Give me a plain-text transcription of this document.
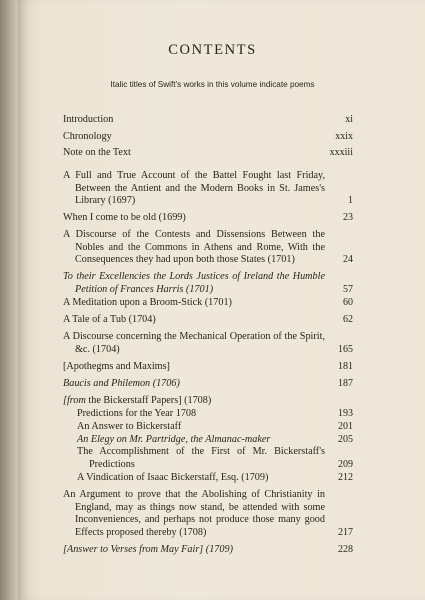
CONTENTS
Italic titles of Swift's works in this volume indicate poems
Introduction	xi
Chronology	xxix
Note on the Text	xxxiii
A Full and True Account of the Battel Fought last Friday, Between the Antient and the Modern Books in St. James's Library (1697)	1
When I come to be old (1699)	23
A Discourse of the Contests and Dissensions Between the Nobles and the Commons in Athens and Rome, With the Consequences they had upon both those States (1701)	24
To their Excellencies the Lords Justices of Ireland the Humble Petition of Frances Harris (1701)	57
A Meditation upon a Broom-Stick (1701)	60
A Tale of a Tub (1704)	62
A Discourse concerning the Mechanical Operation of the Spirit, &c. (1704)	165
[Apothegms and Maxims]	181
Baucis and Philemon (1706)	187
[from the Bickerstaff Papers] (1708)
Predictions for the Year 1708	193
An Answer to Bickerstaff	201
An Elegy on Mr. Partridge, the Almanac-maker	205
The Accomplishment of the First of Mr. Bickerstaff's Predictions	209
A Vindication of Isaac Bickerstaff, Esq. (1709)	212
An Argument to prove that the Abolishing of Christianity in England, may as things now stand, be attended with some Inconveniences, and perhaps not produce those many good Effects proposed thereby (1708)	217
[Answer to Verses from May Fair] (1709)	228
